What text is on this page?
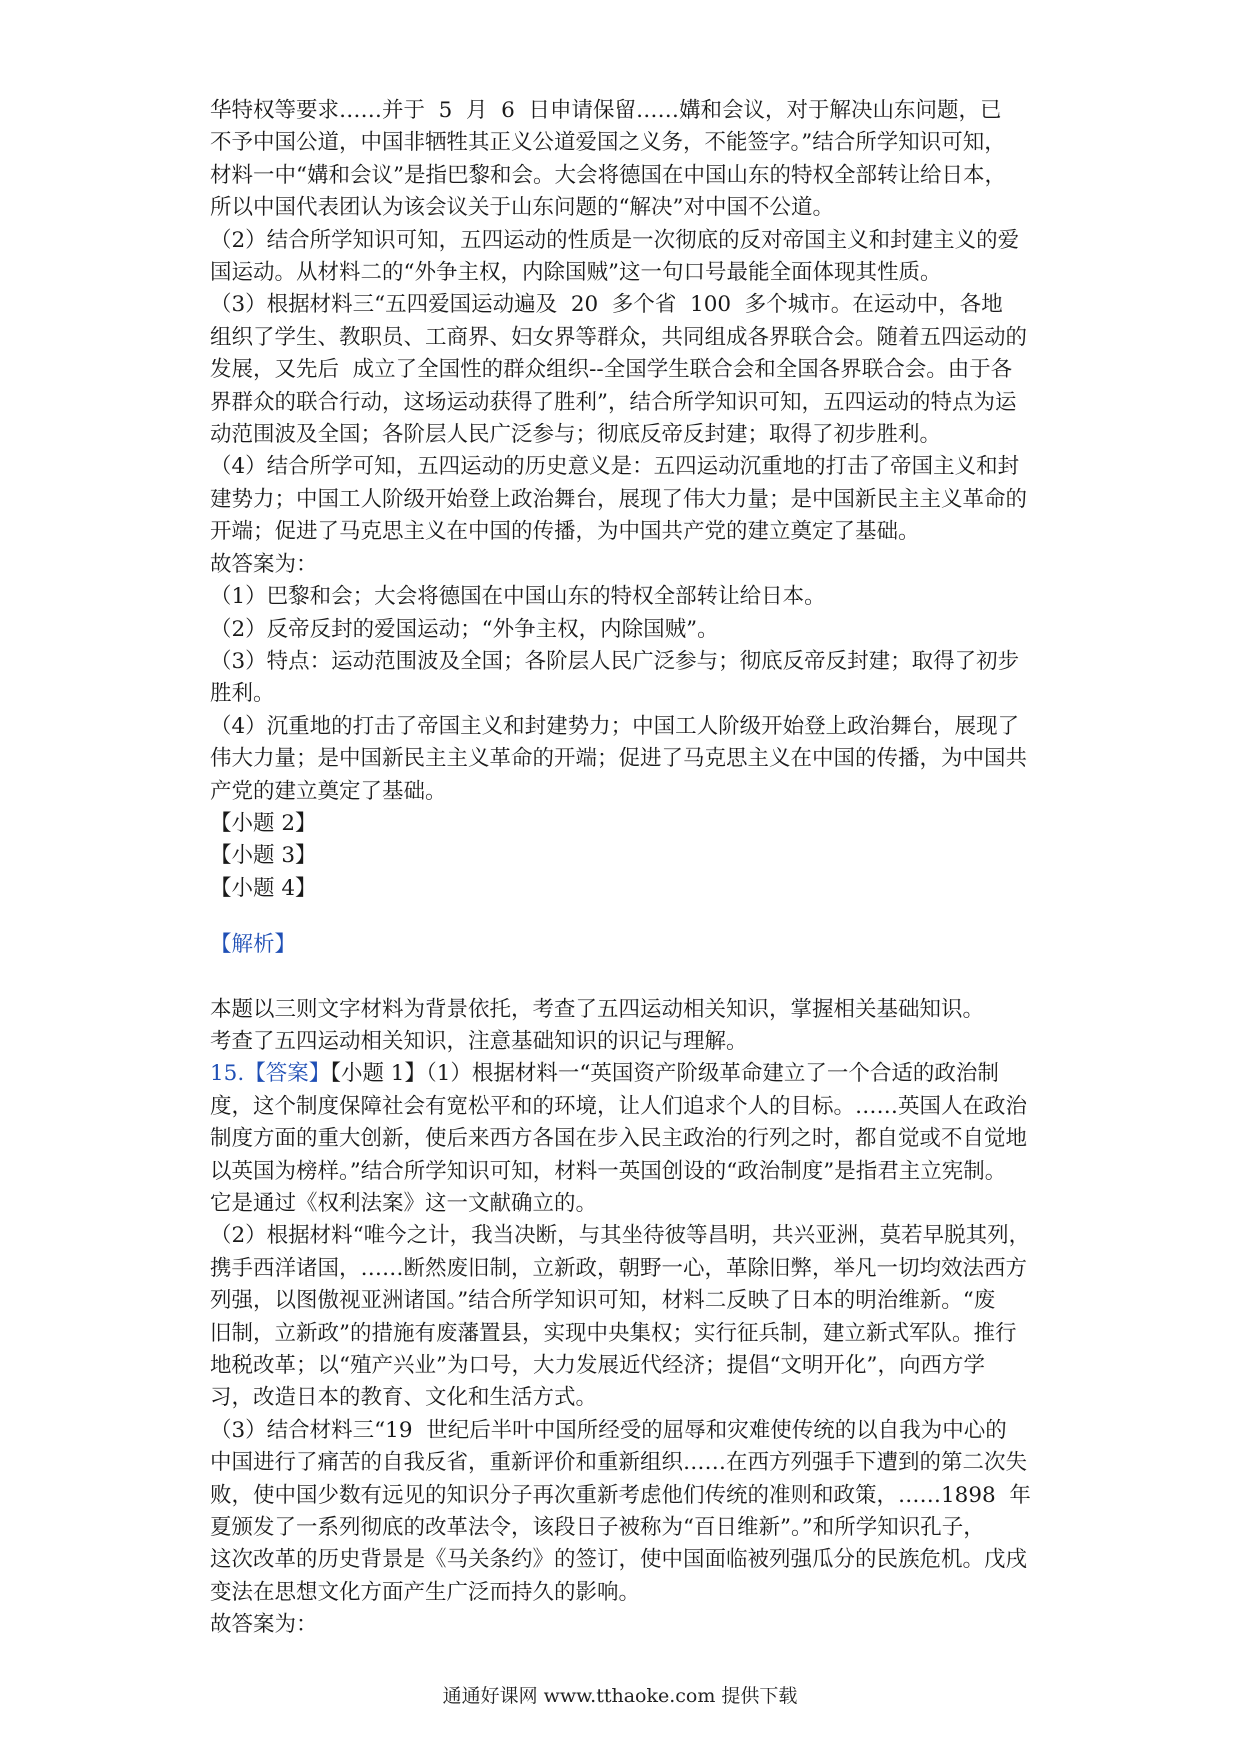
华特权等要求……并于  5  月  6  日申请保留……媾和会议，对于解决山东问题，已

不予中国公道，中国非牺牲其正义公道爱国之义务，不能签字。”结合所学知识可知，

材料一中“媾和会议”是指巴黎和会。大会将德国在中国山东的特权全部转让给日本，

所以中国代表团认为该会议关于山东问题的“解决”对中国不公道。

（2）结合所学知识可知，五四运动的性质是一次彻底的反对帝国主义和封建主义的爱

国运动。从材料二的“外争主权，内除国贼”这一句口号最能全面体现其性质。

（3）根据材料三“五四爱国运动遍及  20  多个省  100  多个城市。在运动中，各地

组织了学生、教职员、工商界、妇女界等群众，共同组成各界联合会。随着五四运动的

发展，又先后  成立了全国性的群众组织--全国学生联合会和全国各界联合会。由于各

界群众的联合行动，这场运动获得了胜利”，结合所学知识可知，五四运动的特点为运

动范围波及全国；各阶层人民广泛参与；彻底反帝反封建；取得了初步胜利。

（4）结合所学可知，五四运动的历史意义是：五四运动沉重地的打击了帝国主义和封

建势力；中国工人阶级开始登上政治舞台，展现了伟大力量；是中国新民主主义革命的

开端；促进了马克思主义在中国的传播，为中国共产党的建立奠定了基础。

故答案为：

（1）巴黎和会；大会将德国在中国山东的特权全部转让给日本。

（2）反帝反封的爱国运动；“外争主权，内除国贼”。

（3）特点：运动范围波及全国；各阶层人民广泛参与；彻底反帝反封建；取得了初步

胜利。

（4）沉重地的打击了帝国主义和封建势力；中国工人阶级开始登上政治舞台，展现了

伟大力量；是中国新民主主义革命的开端；促进了马克思主义在中国的传播，为中国共

产党的建立奠定了基础。

【小题 2】

【小题 3】

【小题 4】

【解析】

本题以三则文字材料为背景依托，考查了五四运动相关知识，掌握相关基础知识。

考查了五四运动相关知识，注意基础知识的识记与理解。

15.【答案】【小题 1】（1）根据材料一“英国资产阶级革命建立了一个合适的政治制

度，这个制度保障社会有宽松平和的环境，让人们追求个人的目标。……英国人在政治

制度方面的重大创新，使后来西方各国在步入民主政治的行列之时，都自觉或不自觉地

以英国为榜样。”结合所学知识可知，材料一英国创设的“政治制度”是指君主立宪制。

它是通过《权利法案》这一文献确立的。

（2）根据材料“唯今之计，我当决断，与其坐待彼等昌明，共兴亚洲，莫若早脱其列，

携手西洋诸国，……断然废旧制，立新政，朝野一心，革除旧弊，举凡一切均效法西方

列强，以图傲视亚洲诸国。”结合所学知识可知，材料二反映了日本的明治维新。“废

旧制，立新政”的措施有废藩置县，实现中央集权；实行征兵制，建立新式军队。推行

地税改革；以“殖产兴业”为口号，大力发展近代经济；提倡“文明开化”，向西方学

习，改造日本的教育、文化和生活方式。

（3）结合材料三“19  世纪后半叶中国所经受的屈辱和灾难使传统的以自我为中心的

中国进行了痛苦的自我反省，重新评价和重新组织……在西方列强手下遭到的第二次失

败，使中国少数有远见的知识分子再次重新考虑他们传统的准则和政策，……1898  年

夏颁发了一系列彻底的改革法令，该段日子被称为“百日维新”。”和所学知识孔子，

这次改革的历史背景是《马关条约》的签订，使中国面临被列强瓜分的民族危机。戊戌

变法在思想文化方面产生广泛而持久的影响。

故答案为：

通通好课网 www.tthaoke.com 提供下载
